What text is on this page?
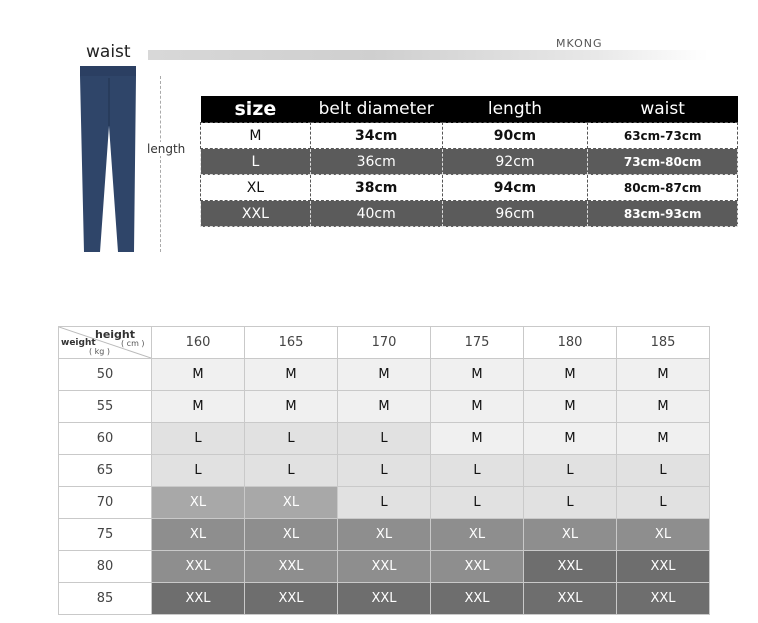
waist	MKONG
length
size	belt diameter	length	waist
M	34cm	90cm	63cm-73cm
L	36cm	92cm	73cm-80cm
XL	38cm	94cm	80cm-87cm
XXL	40cm	96cm	83cm-93cm
height
( cm )
weight
( kg )	160	165	170	175	180	185
50	M	M	M	M	M	M
55	M	M	M	M	M	M
60	L	L	L	M	M	M
65	L	L	L	L	L	L
70	XL	XL	L	L	L	L
75	XL	XL	XL	XL	XL	XL
80	XXL	XXL	XXL	XXL	XXL	XXL
85	XXL	XXL	XXL	XXL	XXL	XXL
